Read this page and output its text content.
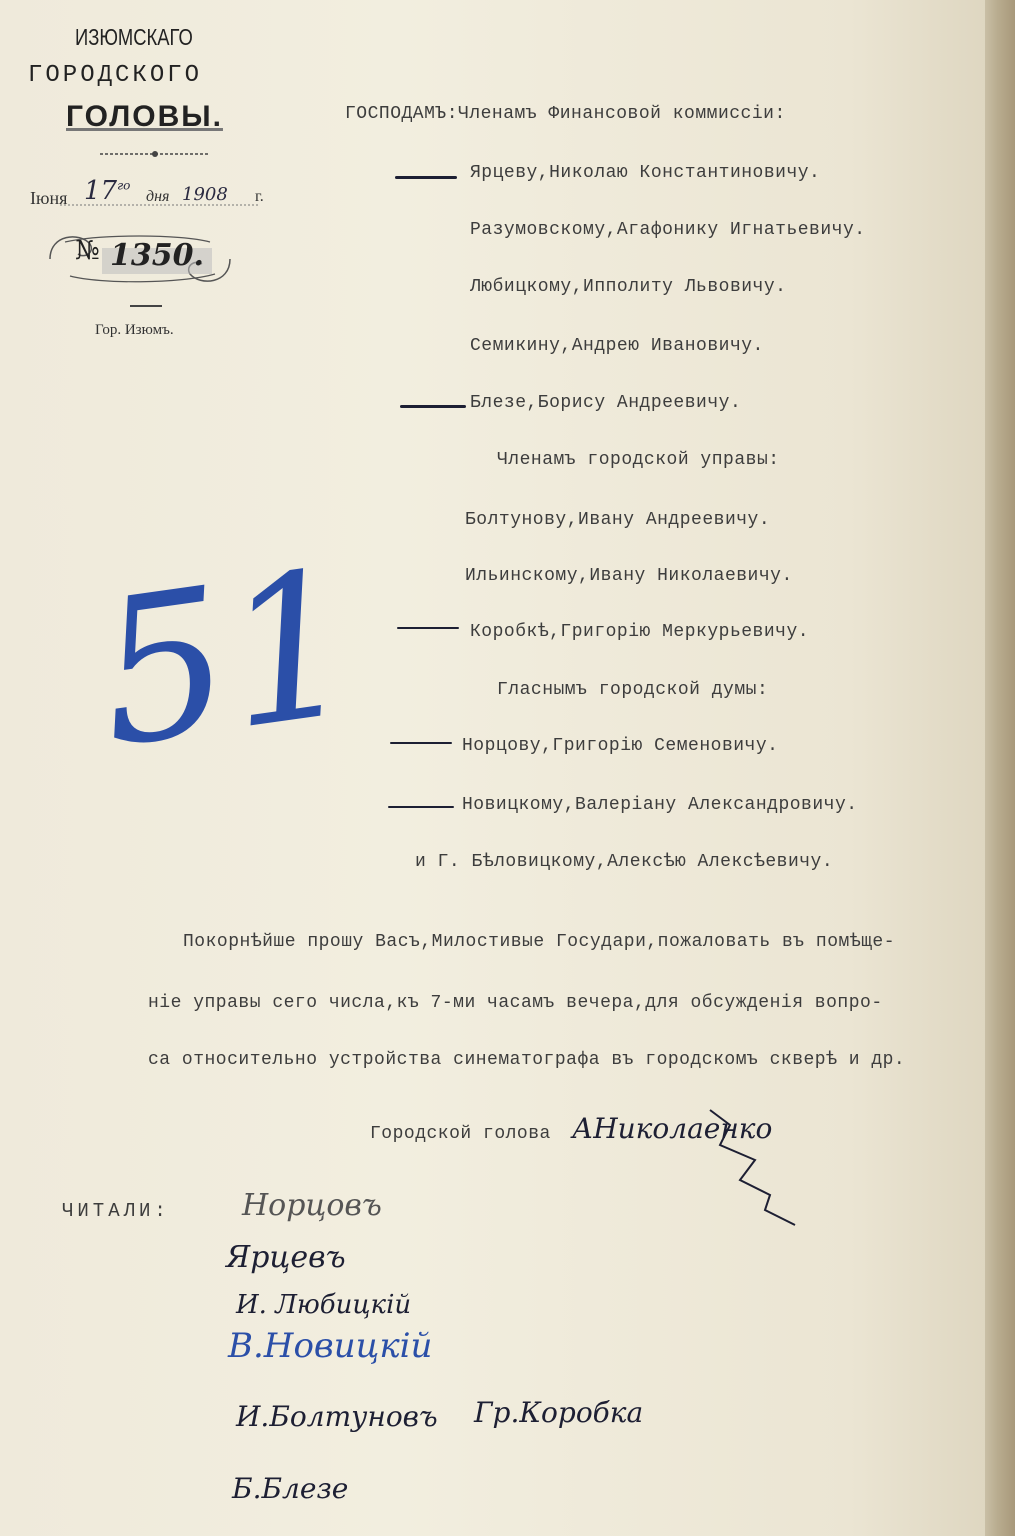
ИЗЮМСКАГО
ГОРОДСКОГО
ГОЛОВЫ.
Іюня $17^{го}$
дня 1908 г.
№ 1350.
Гор. Изюмъ.
ГОСПОДАМЪ:Членамъ Финансовой коммиссіи:
Ярцеву,Николаю Константиновичу.
Разумовскому,Агафонику Игнатьевичу.
Любицкому,Ипполиту Львовичу.
Семикину,Андрею Ивановичу.
Блезе,Борису Андреевичу.
Членамъ городской управы:
Болтунову,Ивану Андреевичу.
Ильинскому,Ивану Николаевичу.
Коробкѣ,Григорію Меркурьевичу.
Гласнымъ городской думы:
Норцову,Григорію Семеновичу.
Новицкому,Валеріану Александровичу.
и Г. Бѣловицкому,Алексѣю Алексѣевичу.
Покорнѣйше прошу Васъ,Милостивые Государи,пожаловать въ помѣще-
ніе управы сего числа,къ 7-ми часамъ вечера,для обсужденія вопро-
са относительно устройства синематографа въ городскомъ скверѣ и др.
Городской голова АНиколаенко
ЧИТАЛИ: Норцовъ
Ярцевъ
И. Любицкій
В.Новицкій
И.Болтуновъ Гр.Коробка
Б.Блезе
51
